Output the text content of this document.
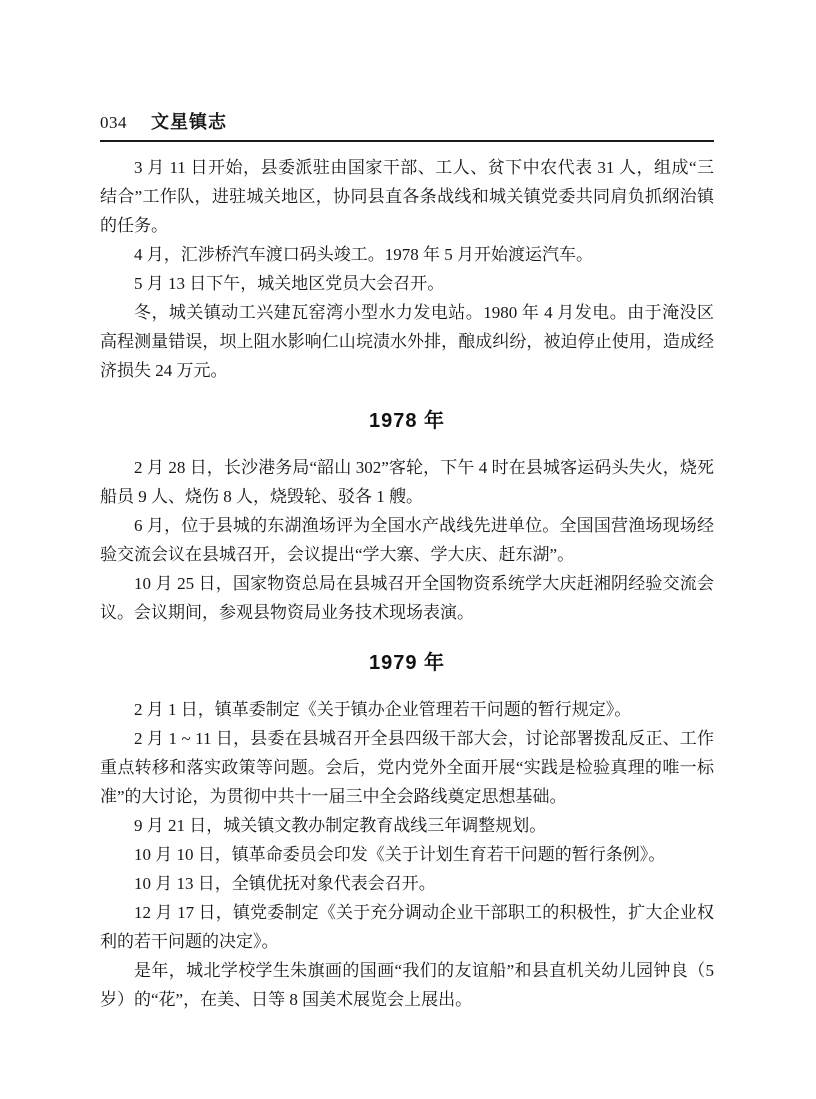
034 文星镇志

3 月 11 日开始，县委派驻由国家干部、工人、贫下中农代表 31 人，组成“三结合”工作队，进驻城关地区，协同县直各条战线和城关镇党委共同肩负抓纲治镇的任务。

4 月，汇涉桥汽车渡口码头竣工。1978 年 5 月开始渡运汽车。

5 月 13 日下午，城关地区党员大会召开。

冬，城关镇动工兴建瓦窑湾小型水力发电站。1980 年 4 月发电。由于淹没区高程测量错误，坝上阻水影响仁山垸渍水外排，酿成纠纷，被迫停止使用，造成经济损失 24 万元。

1978 年

2 月 28 日，长沙港务局“韶山 302”客轮，下午 4 时在县城客运码头失火，烧死船员 9 人、烧伤 8 人，烧毁轮、驳各 1 艘。

6 月，位于县城的东湖渔场评为全国水产战线先进单位。全国国营渔场现场经验交流会议在县城召开，会议提出“学大寨、学大庆、赶东湖”。

10 月 25 日，国家物资总局在县城召开全国物资系统学大庆赶湘阴经验交流会议。会议期间，参观县物资局业务技术现场表演。

1979 年

2 月 1 日，镇革委制定《关于镇办企业管理若干问题的暂行规定》。

2 月 1 ~ 11 日，县委在县城召开全县四级干部大会，讨论部署拨乱反正、工作重点转移和落实政策等问题。会后，党内党外全面开展“实践是检验真理的唯一标准”的大讨论，为贯彻中共十一届三中全会路线奠定思想基础。

9 月 21 日，城关镇文教办制定教育战线三年调整规划。

10 月 10 日，镇革命委员会印发《关于计划生育若干问题的暂行条例》。

10 月 13 日，全镇优抚对象代表会召开。

12 月 17 日，镇党委制定《关于充分调动企业干部职工的积极性，扩大企业权利的若干问题的决定》。

是年，城北学校学生朱旗画的国画“我们的友谊船”和县直机关幼儿园钟良（5 岁）的“花”，在美、日等 8 国美术展览会上展出。
